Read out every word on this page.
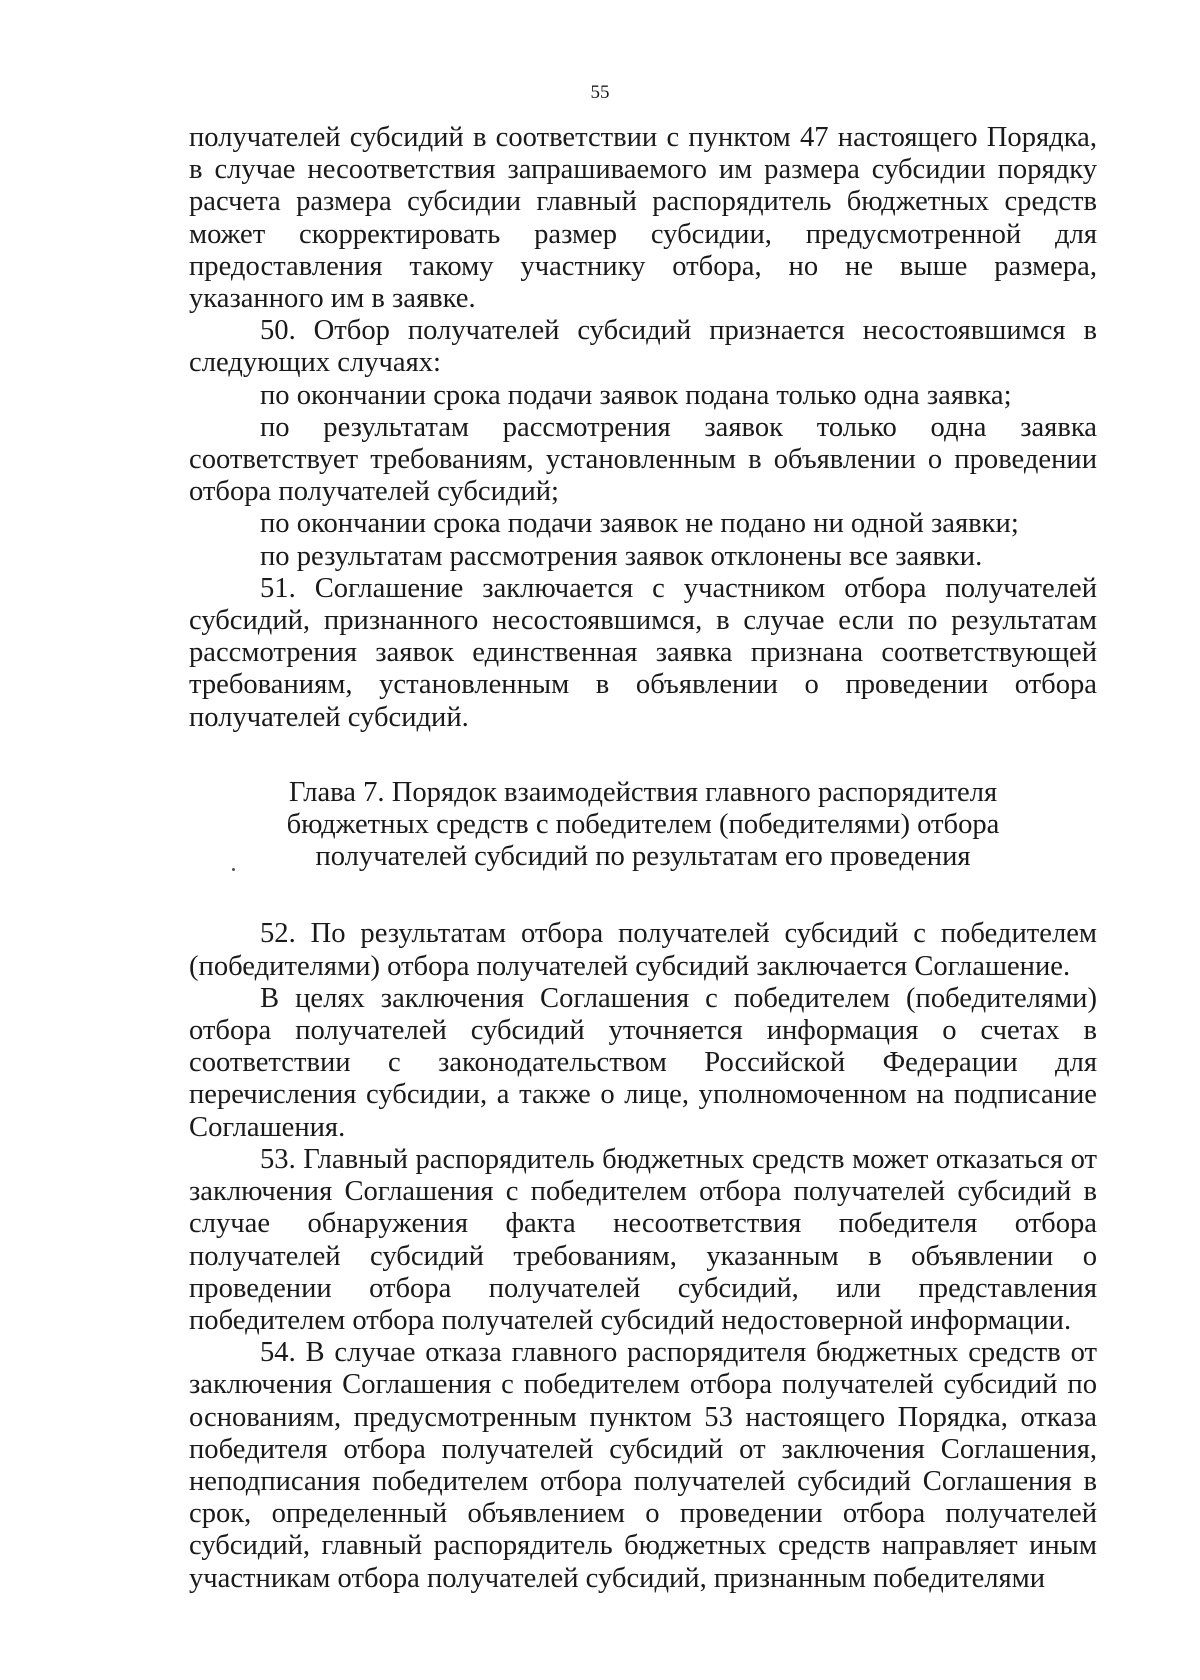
55

получателей субсидий в соответствии с пунктом 47 настоящего Порядка, в случае несоответствия запрашиваемого им размера субсидии порядку расчета размера субсидии главный распорядитель бюджетных средств может скорректировать размер субсидии, предусмотренной для предоставления такому участнику отбора, но не выше размера, указанного им в заявке.

50. Отбор получателей субсидий признается несостоявшимся в следующих случаях:

по окончании срока подачи заявок подана только одна заявка;

по результатам рассмотрения заявок только одна заявка соответствует требованиям, установленным в объявлении о проведении отбора получателей субсидий;

по окончании срока подачи заявок не подано ни одной заявки;

по результатам рассмотрения заявок отклонены все заявки.

51. Соглашение заключается с участником отбора получателей субсидий, признанного несостоявшимся, в случае если по результатам рассмотрения заявок единственная заявка признана соответствующей требованиям, установленным в объявлении о проведении отбора получателей субсидий.

Глава 7. Порядок взаимодействия главного распорядителя
бюджетных средств с победителем (победителями) отбора
получателей субсидий по результатам его проведения

52. По результатам отбора получателей субсидий с победителем (победителями) отбора получателей субсидий заключается Соглашение.

В целях заключения Соглашения с победителем (победителями) отбора получателей субсидий уточняется информация о счетах в соответствии с законодательством Российской Федерации для перечисления субсидии, а также о лице, уполномоченном на подписание Соглашения.

53. Главный распорядитель бюджетных средств может отказаться от заключения Соглашения с победителем отбора получателей субсидий в случае обнаружения факта несоответствия победителя отбора получателей субсидий требованиям, указанным в объявлении о проведении отбора получателей субсидий, или представления победителем отбора получателей субсидий недостоверной информации.

54. В случае отказа главного распорядителя бюджетных средств от заключения Соглашения с победителем отбора получателей субсидий по основаниям, предусмотренным пунктом 53 настоящего Порядка, отказа победителя отбора получателей субсидий от заключения Соглашения, неподписания победителем отбора получателей субсидий Соглашения в срок, определенный объявлением о проведении отбора получателей субсидий, главный распорядитель бюджетных средств направляет иным участникам отбора получателей субсидий, признанным победителями
